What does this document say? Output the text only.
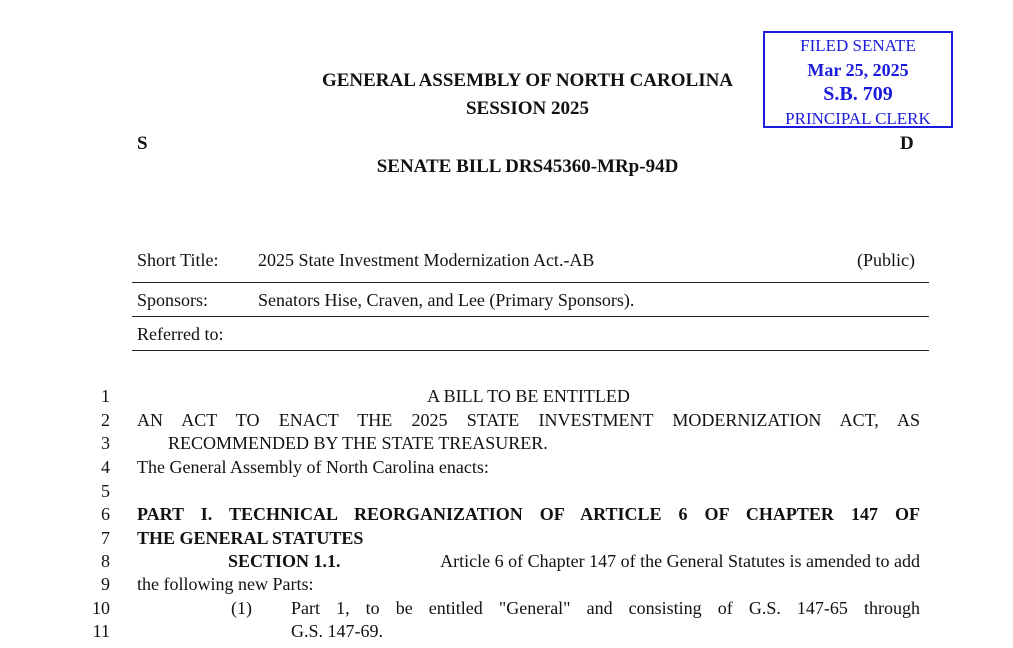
FILED SENATE
Mar 25, 2025
S.B. 709
PRINCIPAL CLERK
GENERAL ASSEMBLY OF NORTH CAROLINA
SESSION 2025
S	D
SENATE BILL DRS45360-MRp-94D
Short Title: 2025 State Investment Modernization Act.-AB	(Public)
Sponsors:	Senators Hise, Craven, and Lee (Primary Sponsors).
Referred to:
1
2
3
4
5
6
7
8
9
10
11
A BILL TO BE ENTITLED
AN ACT TO ENACT THE 2025 STATE INVESTMENT MODERNIZATION ACT, AS
RECOMMENDED BY THE STATE TREASURER.
The General Assembly of North Carolina enacts:
PART I. TECHNICAL REORGANIZATION OF ARTICLE 6 OF CHAPTER 147 OF
THE GENERAL STATUTES
SECTION 1.1.	Article 6 of Chapter 147 of the General Statutes is amended to add
the following new Parts:
(1) Part 1, to be entitled "General" and consisting of G.S. 147-65 through
G.S. 147-69.
